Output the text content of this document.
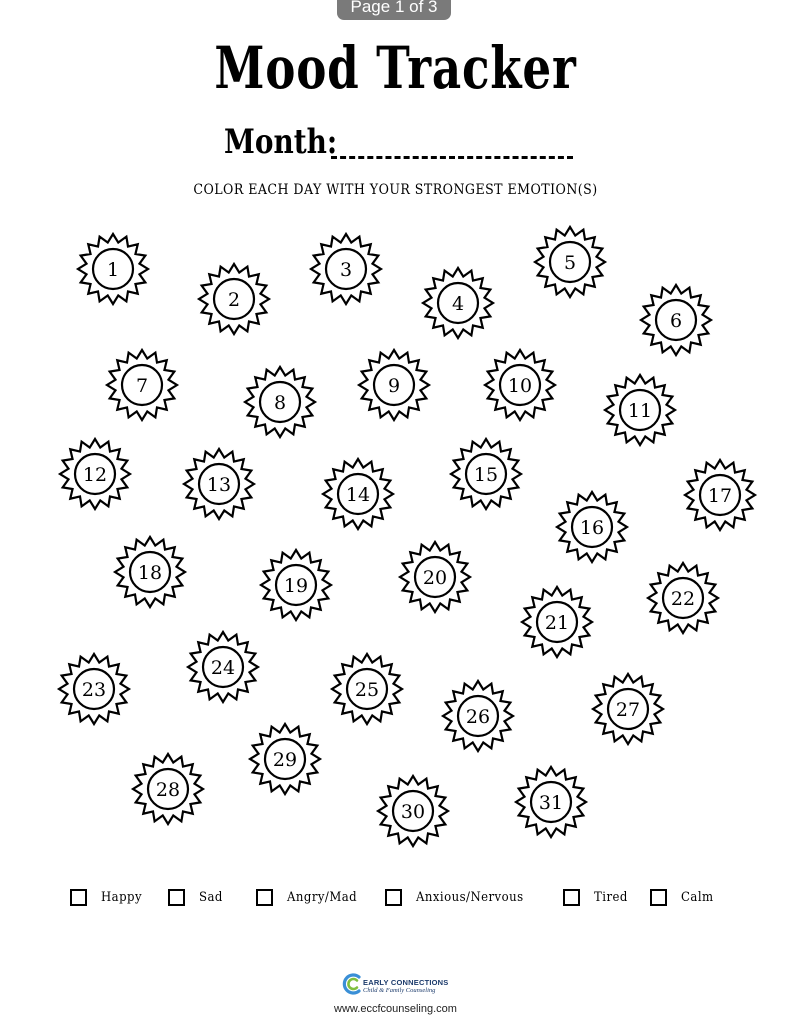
Page 1 of 3
Mood Tracker
Month:
COLOR EACH DAY WITH YOUR STRONGEST EMOTION(S)
1
2
3
4
5
6
7
8
9	10
11
12	13	14
15
16
17
18
19	20
21
22
23
24
25
26	27
28
29
30	31
Happy	Sad	Angry/Mad	Anxious/Nervous	Tired	Calm
EARLY CONNECTIONS
Child & Family Counseling
www.eccfcounseling.com
